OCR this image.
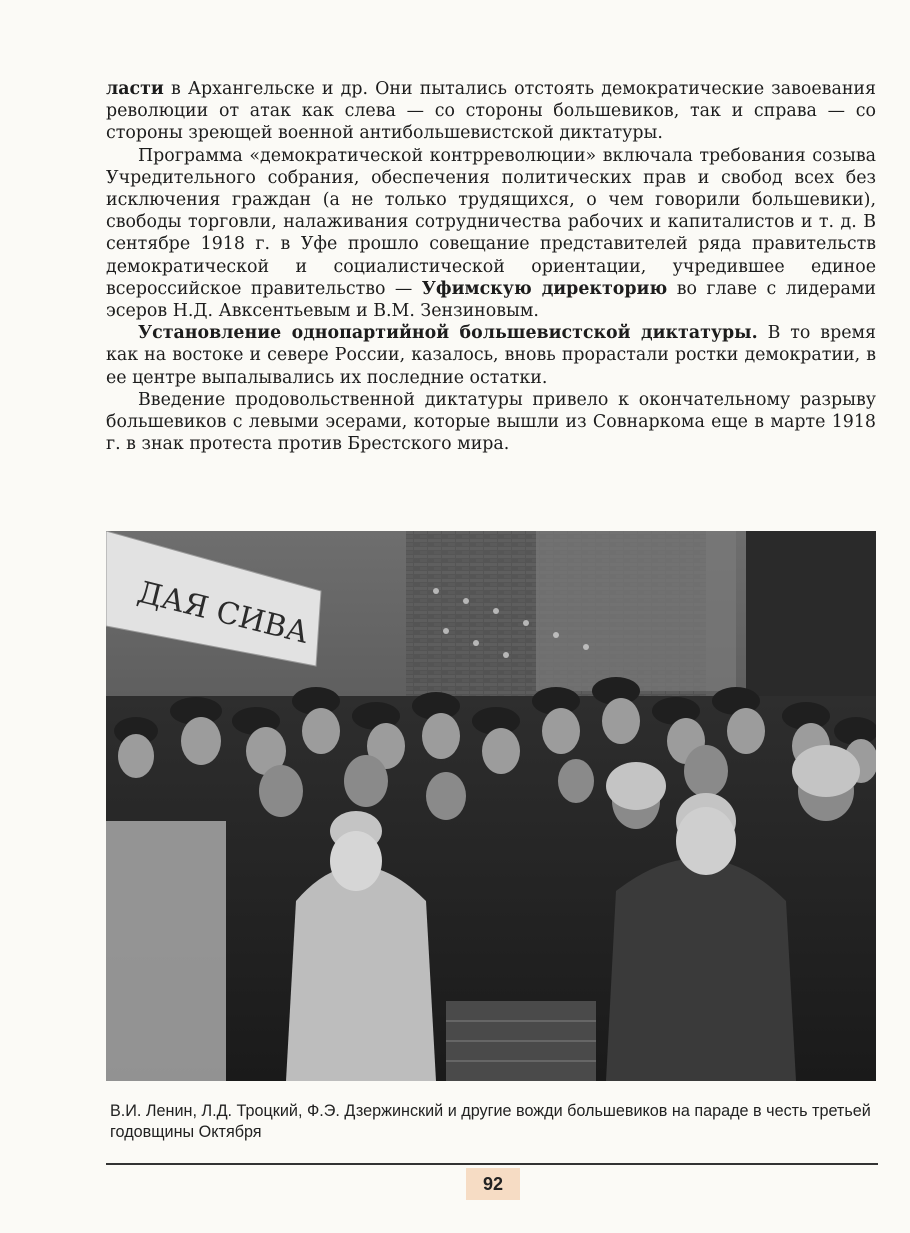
ласти в Архангельске и др. Они пытались отстоять демократические завоевания революции от атак как слева — со стороны большевиков, так и справа — со стороны зреющей военной антибольшевистской диктатуры.

Программа «демократической контрреволюции» включала требования созыва Учредительного собрания, обеспечения политических прав и свобод всех без исключения граждан (а не только трудящихся, о чем говорили большевики), свободы торговли, налаживания сотрудничества рабочих и капиталистов и т. д. В сентябре 1918 г. в Уфе прошло совещание представителей ряда правительств демократической и социалистической ориентации, учредившее единое всероссийское правительство — Уфимскую директорию во главе с лидерами эсеров Н.Д. Авксентьевым и В.М. Зензиновым.

Установление однопартийной большевистской диктатуры. В то время как на востоке и севере России, казалось, вновь прорастали ростки демократии, в ее центре выпалывались их последние остатки.

Введение продовольственной диктатуры привело к окончательному разрыву большевиков с левыми эсерами, которые вышли из Совнаркома еще в марте 1918 г. в знак протеста против Брестского мира.

ДАЯ СИВА
В.И. Ленин, Л.Д. Троцкий, Ф.Э. Дзержинский и другие вожди большевиков на параде в честь третьей годовщины Октября
92
